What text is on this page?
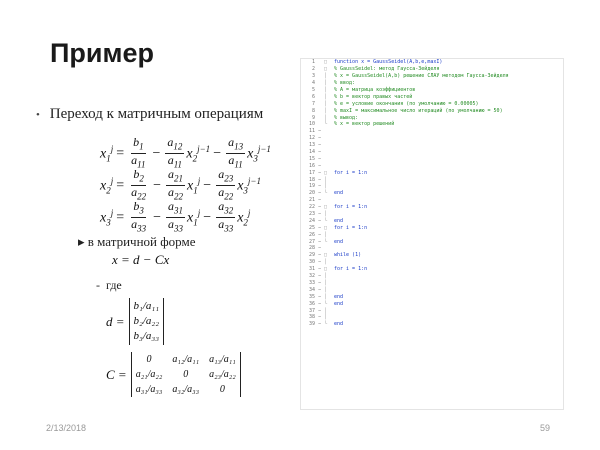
Пример
• Переход к матричным операциям
$x_1^j = \frac{b_1}{a_{11}} - \frac{a_{12}}{a_{11}} x_2^{j-1} - \frac{a_{13}}{a_{11}} x_3^{j-1}$
$x_2^j = \frac{b_2}{a_{22}} - \frac{a_{21}}{a_{22}} x_1^j - \frac{a_{23}}{a_{22}} x_3^{j-1}$
$x_3^j = \frac{b_3}{a_{33}} - \frac{a_{31}}{a_{33}} x_1^j - \frac{a_{32}}{a_{33}} x_2^j$
▸ в матричной форме
x = d − Cx
-  где
d =
b₁/a₁₁
b₂/a₂₂
b₃/a₃₃
C =
0	a₁₂/a₁₁ a₁₃/a₁₁
a₂₁/a₂₂	0	a₂₃/a₂₂
a₃₁/a₃₃ a₃₂/a₃₃	0
1	□	function x = GaussSeidel(A,b,e,maxI)
2	□	% GaussSeidel: метод Гаусса-Зейделя
3	│	% x = GaussSeidel(A,b) решение СЛАУ методом Гаусса-Зейделя
4	│	% ввод:
5	│	% A = матрица коэффициентов
6	│	% b = вектор правых частей
7	│	% e = условие окончания (по умолчанию = 0.00005)
8	│	% maxI = максимальное число итераций (по умолчанию = 50)
9	│	% вывод:
10	└	% x = вектор решений
11 −
12 −
13 −
14 −
15 −
16 −
17 − □	for i = 1:n
18 − │
19 − │
20 − └	end
21 −
22 − □	for i = 1:n
23 − │
24 − └	end
25 − □	for i = 1:n
26 − │
27 − └	end
28 −
29 − □	while (1)
30 − │
31 − □	for i = 1:n
32 − │
33 − │
34 − │
35 − │	end
36 − └	end
37 − │
38 − │
39 − └	end
2/13/2018	59
